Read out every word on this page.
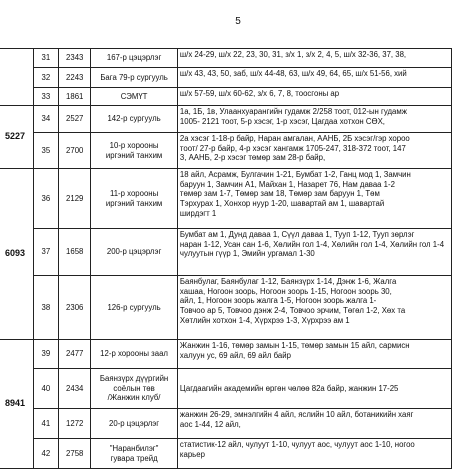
5
		31	2343	167-р цэцэрлэг	ш/х 24-29, ш/х 22, 23, 30, 31, з/х 1, з/х 2, 4, 5, ш/х 32-36, 37, 38,

		32	2243	Бага 79-р сургууль	ш/х 43, 43, 50, заб, ш/х 44-48, 63, ш/х 49, 64, 65, ш/х 51-56, хий

		33	1861	СЭМҮТ	ш/х 57-59, ш/х 60-62, з/х 6, 7, 8, тоосгоны ар

	5227	34	2527	142-р сургууль	1а, 1Б, 1в, Улаанхуарангийн гудамж 2/258 тоот, 012-ын гудамж
1005- 2121 тоот, 5-р хэсэг, 1-р хэсэг, Цагдаа хотхон СӨХ,

		35	2700	10-р хорооны
иргэний танхим	2а хэсэг 1-18-р байр, Наран амгалан, ААНБ, 2Б хэсэг/гэр хороо
тоот/ 27-р байр, 4-р хэсэг хангамж 1705-247, 318-372 тоот, 147
3, ААНБ, 2-р хэсэг төмөр зам 28-р байр,

	6093	36	2129	11-р хорооны
иргэний танхим	18 айл, Асрамж, Булгачин 1-21, Бумбат 1-2, Ганц мод 1, Замчин
баруун 1, Замчин А1, Майхан 1, Назарет 76, Нам даваа 1-2
төмөр зам 1-7, Төмөр зам 18, Төмөр зам баруун 1, Төм
Тэрхурах 1, Хонхор нуур 1-20, шавартай ам 1, шавартай
ширдэгт 1

		37	1658	200-р цэцэрлэг	Бумбат ам 1, Дунд даваа 1, Сүүл даваа 1, Тууп 1-12, Тууп зөрлэг
наран 1-12, Усан сан 1-6, Хөлийн гол 1-4, Хөлийн гол 1-4, Хөлийн гол 1-4
чулуутын гүүр 1, Эмийн ургамал 1-30

		38	2306	126-р сургууль	Баянбулаг, Баянбулаг 1-12, Баянзүрх 1-14, Дэнж 1-6, Жалга
хашаа, Ногоон зоорь, Ногоон зоорь 1-15, Ногоон зоорь 30,
айл, 1, Ногоон зоорь жалга 1-5, Ногоон зоорь жалга 1-
Товчоо ар 5, Товчоо дэнж 2-4, Товчоо эрчим, Төгөл 1-2, Хөх та
Хөтлийн хотхон 1-4, Хүрхрээ 1-3, Хүрхрээ ам 1

	8941	39	2477	12-р хорооны заал	Жанжин 1-16, төмөр замын 1-15, төмөр замын 15 айл, сармисн
халуун ус, 69 айл, 69 айл байр

		40	2434	Баянзүрх дүүргийн
соёлын төв
/Жанжин клуб/	Цагдаагийн академийн өргөн чөлөө 82а байр, жанжин 17-25

		41	1272	20-р цэцэрлэг	жанжин 26-29, эмнэлгийн 4 айл, яслийн 10 айл, ботаникийн хаяг
аос 1-44, 12 айл,

		42	2758	"Наранбилэг"
гувара трейд	статистик-12 айл, чулуут 1-10, чулуут аос, чулуут аос 1-10, ногоо
карьер
